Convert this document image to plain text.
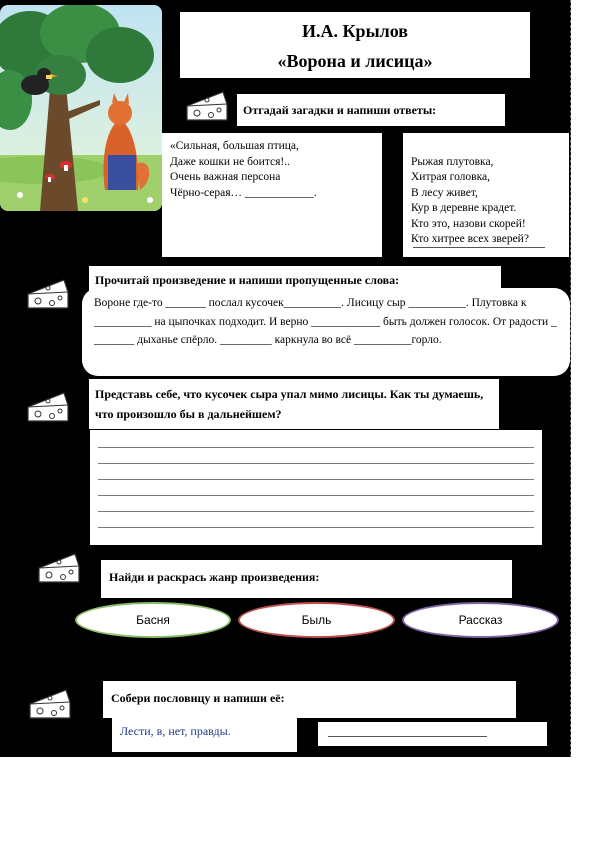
И.А. Крылов
«Ворона и лисица»
Отгадай загадки и напиши ответы:
«Сильная, большая птица,
Даже кошки не боится!..
Очень важная персона
Чёрно-серая… ____________.

Рыжая плутовка,
Хитрая головка,
В лесу живет,
Кур в деревне крадет.
Кто это, назови скорей!
Кто хитрее всех зверей?

Прочитай произведение и напиши пропущенные слова:
Вороне где-то _______ послал кусочек__________. Лисицу сыр __________. Плутовка к __________ на цыпочках подходит. И верно ____________ быть должен голосок. От радости _ _______ дыханье спёрло. _________ каркнула во всё __________горло.
Представь себе, что кусочек сыра упал мимо лисицы. Как ты думаешь, что произошло бы в дальнейшем?
Найди и раскрась жанр произведения:
Басня	Быль	Рассказ
Собери пословицу и напиши её:
Лести, в, нет, правды.
